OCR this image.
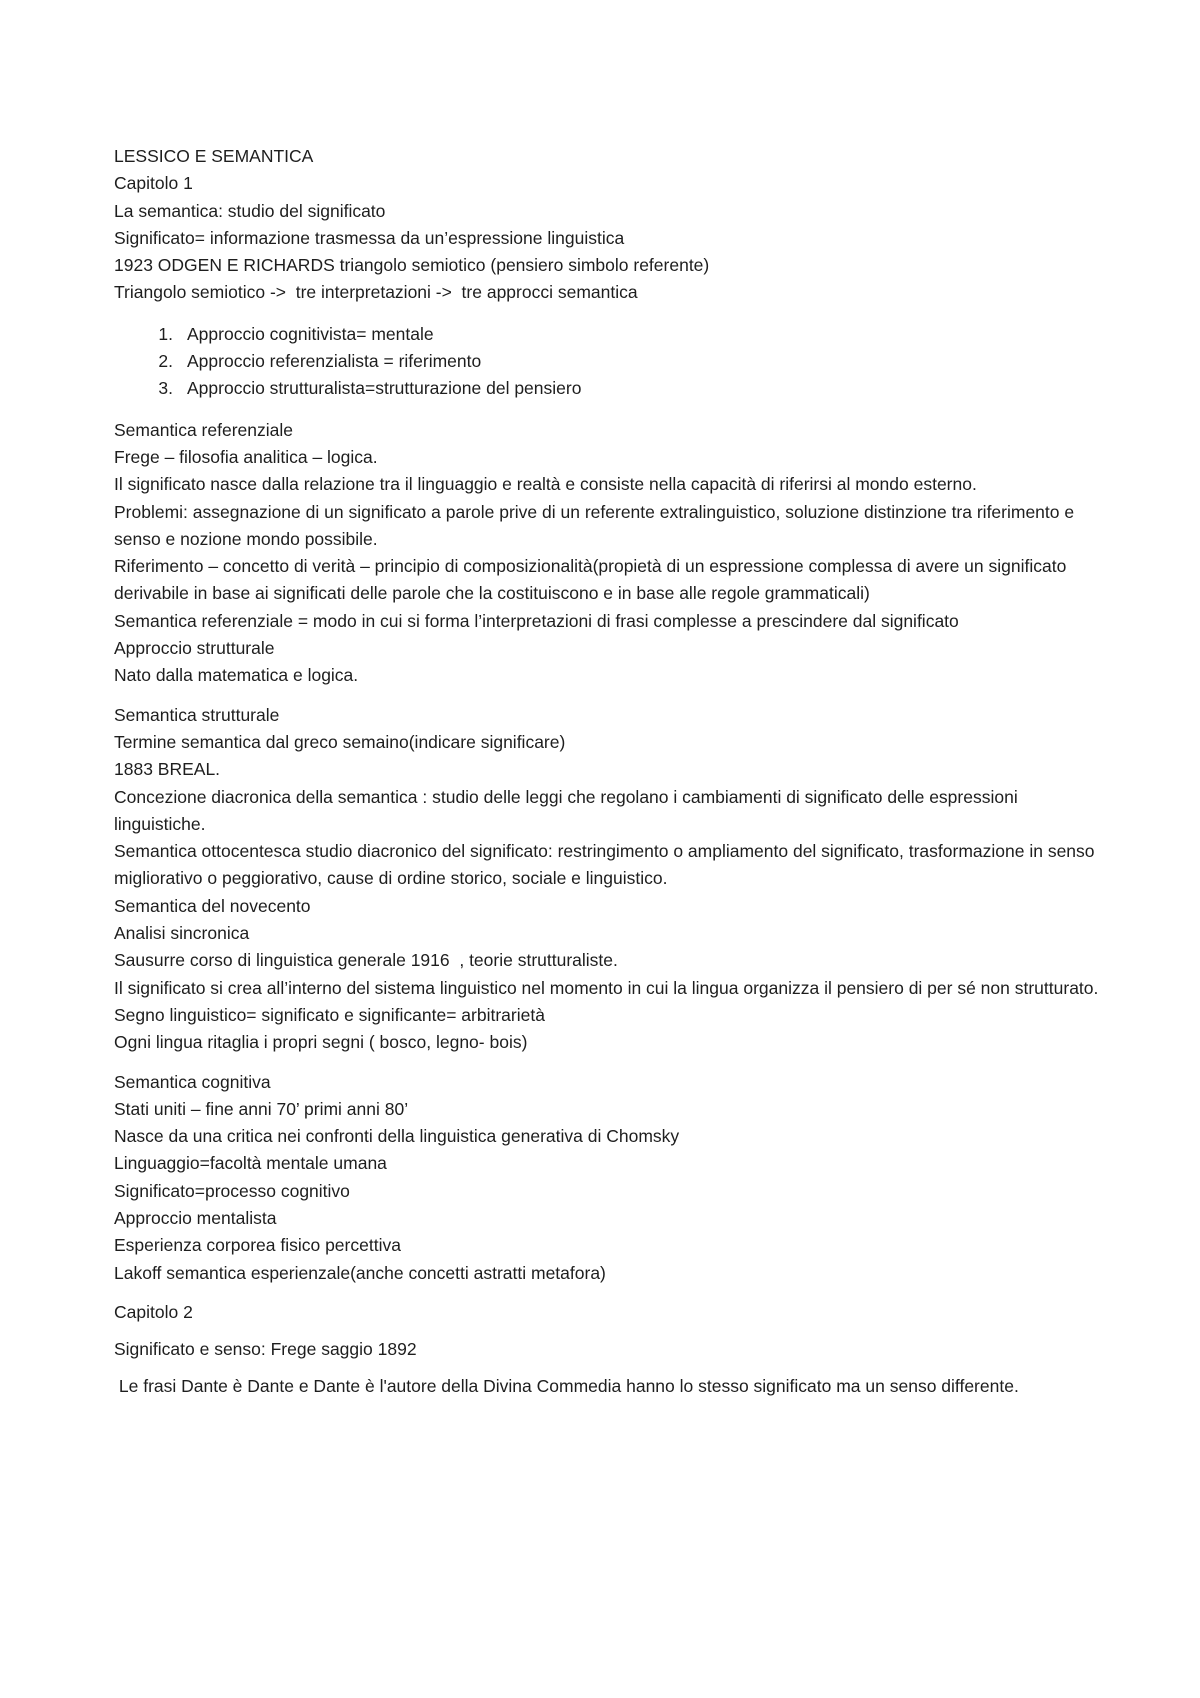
LESSICO E SEMANTICA
Capitolo 1
La semantica: studio del significato
Significato= informazione trasmessa da un’espressione linguistica
1923 ODGEN E RICHARDS triangolo semiotico (pensiero simbolo referente)
Triangolo semiotico ->  tre interpretazioni ->  tre approcci semantica
1. Approccio cognitivista= mentale
2. Approccio referenzialista = riferimento
3. Approccio strutturalista=strutturazione del pensiero
Semantica referenziale
Frege – filosofia analitica – logica.
Il significato nasce dalla relazione tra il linguaggio e realtà e consiste nella capacità di riferirsi al mondo esterno.
Problemi: assegnazione di un significato a parole prive di un referente extralinguistico, soluzione distinzione tra riferimento e senso e nozione mondo possibile.
Riferimento – concetto di verità – principio di composizionalità(propietà di un espressione complessa di avere un significato derivabile in base ai significati delle parole che la costituiscono e in base alle regole grammaticali)
Semantica referenziale = modo in cui si forma l’interpretazioni di frasi complesse a prescindere dal significato
Approccio strutturale
Nato dalla matematica e logica.
Semantica strutturale
Termine semantica dal greco semaino(indicare significare)
1883 BREAL.
Concezione diacronica della semantica : studio delle leggi che regolano i cambiamenti di significato delle espressioni linguistiche.
Semantica ottocentesca studio diacronico del significato: restringimento o ampliamento del significato, trasformazione in senso migliorativo o peggiorativo, cause di ordine storico, sociale e linguistico.
Semantica del novecento
Analisi sincronica
Sausurre corso di linguistica generale 1916  , teorie strutturaliste.
Il significato si crea all’interno del sistema linguistico nel momento in cui la lingua organizza il pensiero di per sé non strutturato.
Segno linguistico= significato e significante= arbitrarietà
Ogni lingua ritaglia i propri segni ( bosco, legno- bois)
Semantica cognitiva
Stati uniti – fine anni 70’ primi anni 80’
Nasce da una critica nei confronti della linguistica generativa di Chomsky
Linguaggio=facoltà mentale umana
Significato=processo cognitivo
Approccio mentalista
Esperienza corporea fisico percettiva
Lakoff semantica esperienzale(anche concetti astratti metafora)
Capitolo 2
Significato e senso: Frege saggio 1892
Le frasi Dante è Dante e Dante è l'autore della Divina Commedia hanno lo stesso significato ma un senso differente.
